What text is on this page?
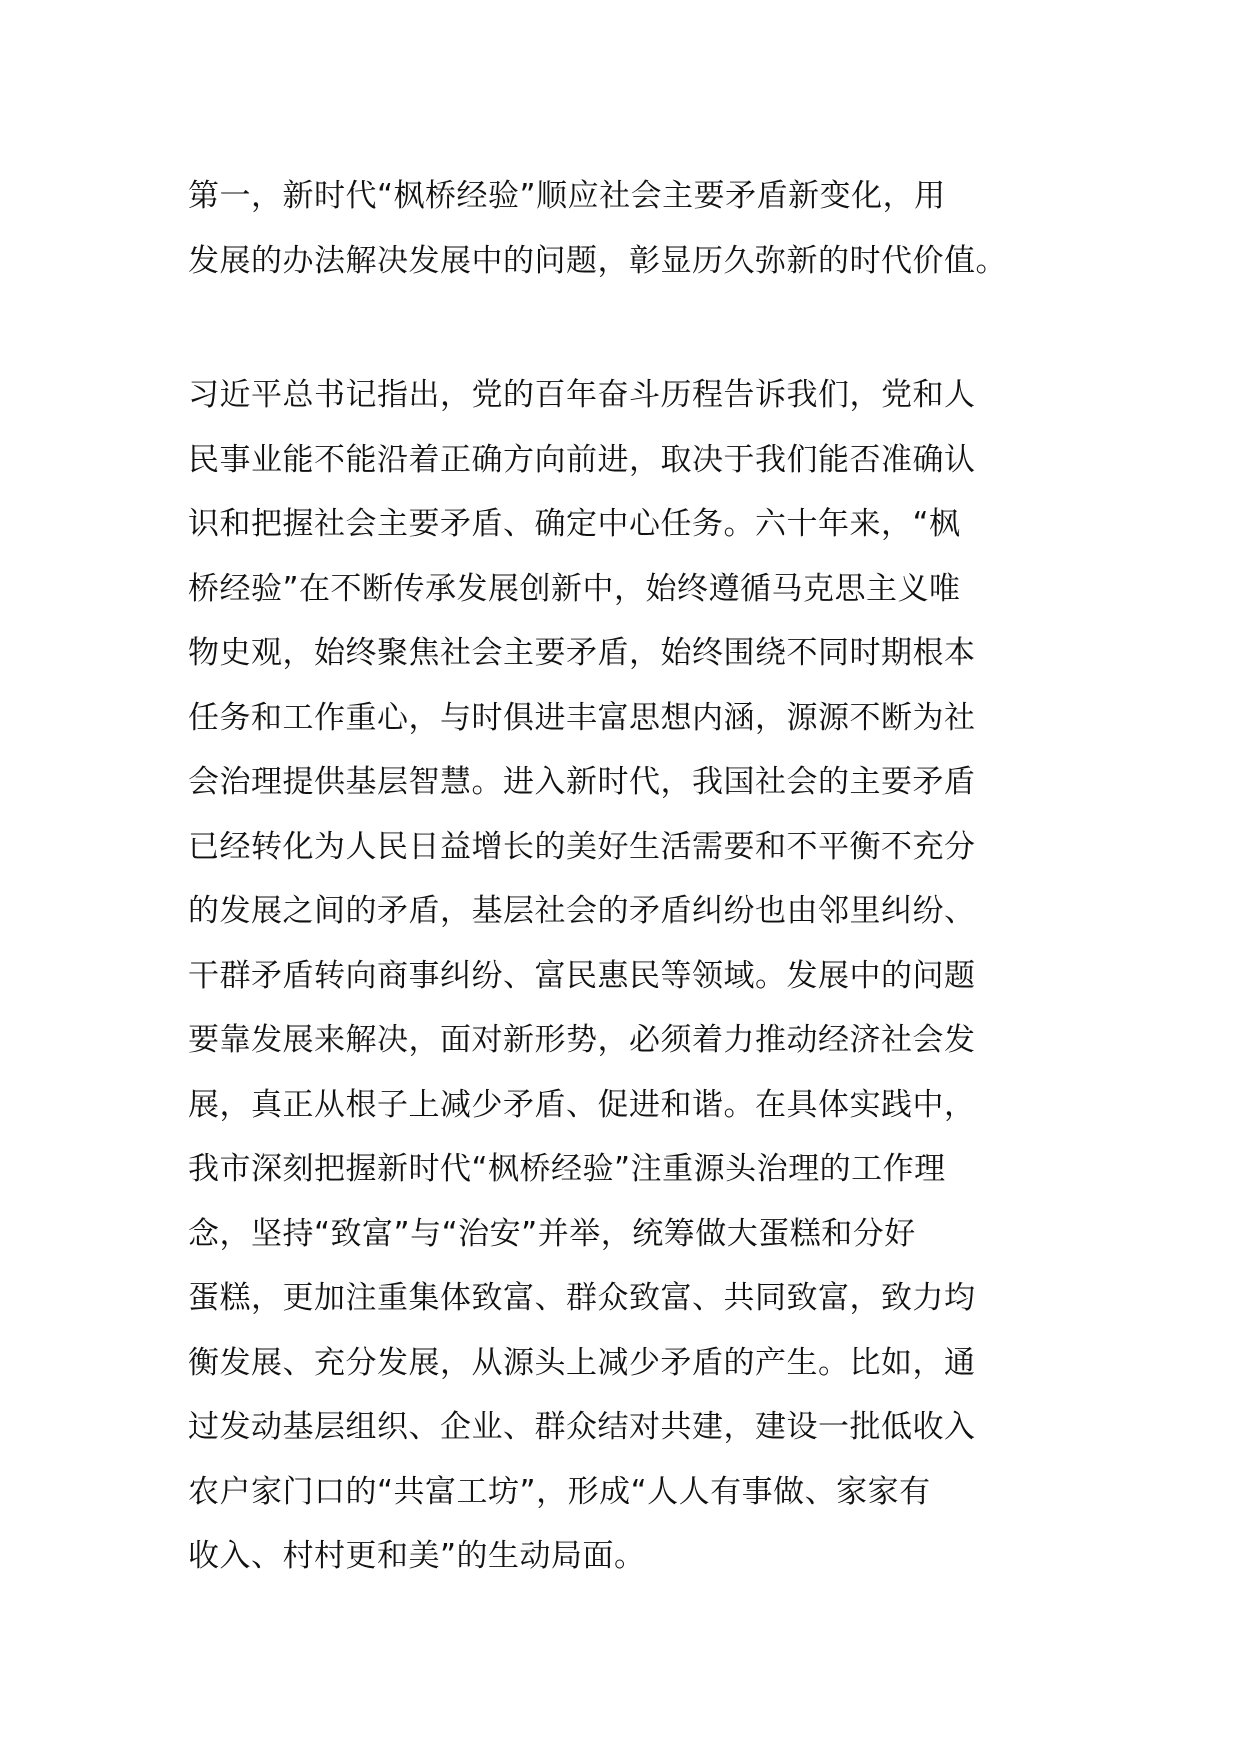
第一，新时代“枫桥经验”顺应社会主要矛盾新变化，用
发展的办法解决发展中的问题，彰显历久弥新的时代价值。
习近平总书记指出，党的百年奋斗历程告诉我们，党和人
民事业能不能沿着正确方向前进，取决于我们能否准确认
识和把握社会主要矛盾、确定中心任务。六十年来，“枫
桥经验”在不断传承发展创新中，始终遵循马克思主义唯
物史观，始终聚焦社会主要矛盾，始终围绕不同时期根本
任务和工作重心，与时俱进丰富思想内涵，源源不断为社
会治理提供基层智慧。进入新时代，我国社会的主要矛盾
已经转化为人民日益增长的美好生活需要和不平衡不充分
的发展之间的矛盾，基层社会的矛盾纠纷也由邻里纠纷、
干群矛盾转向商事纠纷、富民惠民等领域。发展中的问题
要靠发展来解决，面对新形势，必须着力推动经济社会发
展，真正从根子上减少矛盾、促进和谐。在具体实践中，
我市深刻把握新时代“枫桥经验”注重源头治理的工作理
念，坚持“致富”与“治安”并举，统筹做大蛋糕和分好
蛋糕，更加注重集体致富、群众致富、共同致富，致力均
衡发展、充分发展，从源头上减少矛盾的产生。比如，通
过发动基层组织、企业、群众结对共建，建设一批低收入
农户家门口的“共富工坊”，形成“人人有事做、家家有
收入、村村更和美”的生动局面。
